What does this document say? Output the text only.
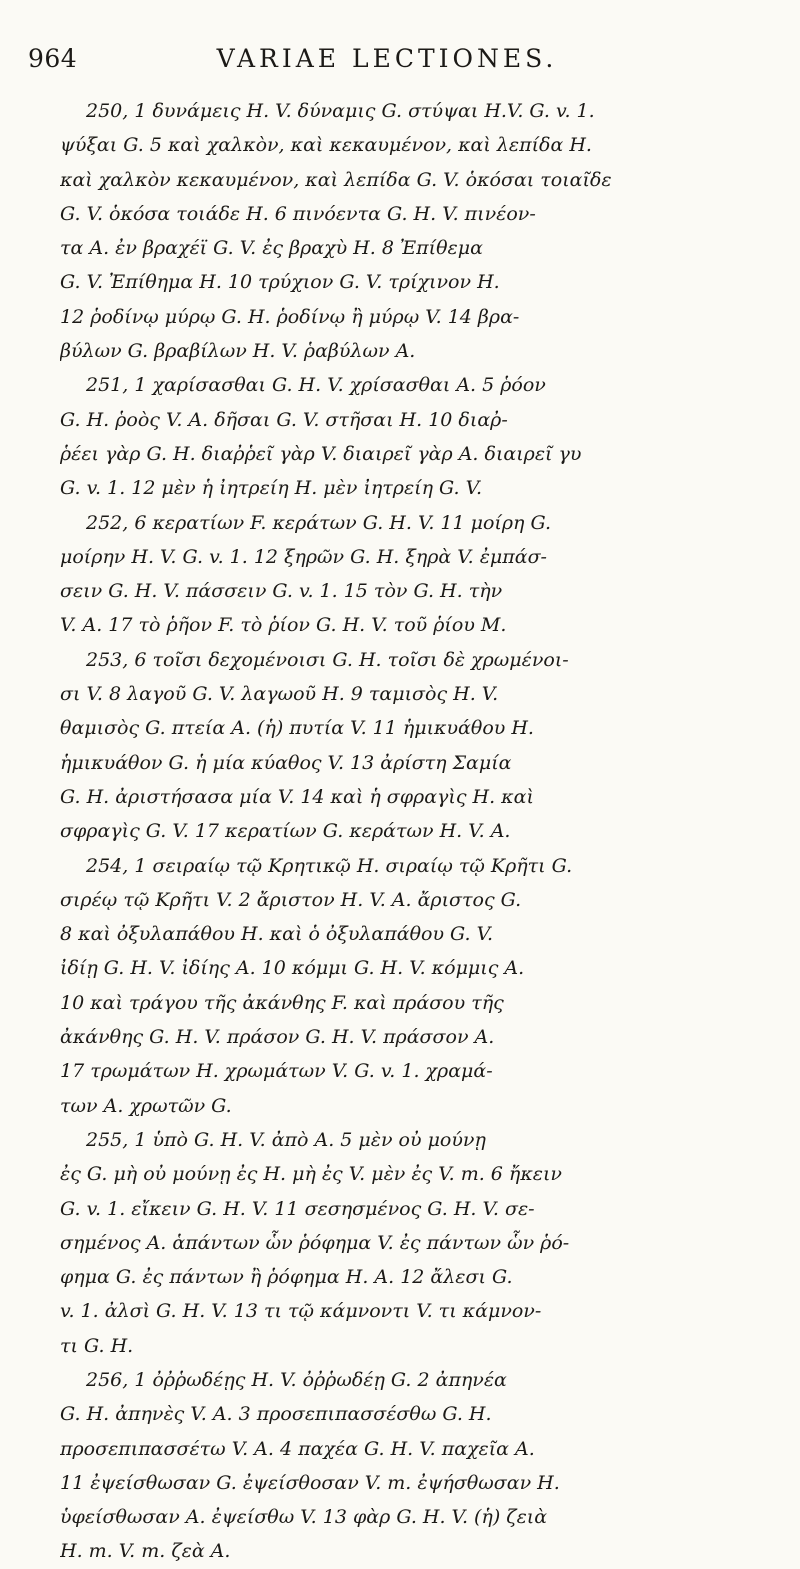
964	VARIAE LECTIONES.
250, 1 δυνάμεις H. V. δύναμις G. στύψαι H.V. G. v. 1.
ψύξαι G. 5 καὶ χαλκὸν, καὶ κεκαυμένον, καὶ λεπίδα H.
καὶ χαλκὸν κεκαυμένον, καὶ λεπίδα G. V. ὁκόσαι τοιαῖδε
G. V. ὁκόσα τοιάδε H. 6 πινόεντα G. H. V. πινέον-
τα A. ἐν βραχέϊ G. V. ἐς βραχὺ H. 8 Ἐπίθεμα
G. V. Ἐπίθημα H. 10 τρύχιον G. V. τρίχινον H.
12 ῥοδίνῳ μύρῳ G. H. ῥοδίνῳ ἢ μύρῳ V. 14 βρα-
βύλων G. βραβίλων H. V. ῥαβύλων A.
251, 1 χαρίσασθαι G. H. V. χρίσασθαι A. 5 ῥόον
G. H. ῥοὸς V. A. δῆσαι G. V. στῆσαι H. 10 διαῤ-
ῥέει γὰρ G. H. διαῤῥεῖ γὰρ V. διαιρεῖ γὰρ A. διαιρεῖ γυ
G. v. 1. 12 μὲν ἡ ἰητρείη H. μὲν ἰητρείη G. V.
252, 6 κερατίων F. κεράτων G. H. V. 11 μοίρη G.
μοίρην H. V. G. v. 1. 12 ξηρῶν G. H. ξηρὰ V. ἐμπάσ-
σειν G. H. V. πάσσειν G. v. 1. 15 τὸν G. H. τὴν
V. A. 17 τὸ ῥῆον F. τὸ ῥίον G. H. V. τοῦ ῥίου M.
253, 6 τοῖσι δεχομένοισι G. H. τοῖσι δὲ χρωμένοι-
σι V. 8 λαγοῦ G. V. λαγωοῦ H. 9 ταμισὸς H. V.
θαμισὸς G. πτεία A. (ἡ) πυτία V. 11 ἡμικυάθου H.
ἡμικυάθον G. ἡ μία κύαθος V. 13 ἀρίστη Σαμία
G. H. ἀριστήσασα μία V. 14 καὶ ἡ σφραγὶς H. καὶ
σφραγὶς G. V. 17 κερατίων G. κεράτων H. V. A.
254, 1 σειραίῳ τῷ Κρητικῷ H. σιραίῳ τῷ Κρῆτι G.
σιρέῳ τῷ Κρῆτι V. 2 ἄριστον H. V. A. ἄριστος G.
8 καὶ ὀξυλαπάθου H. καὶ ὁ ὀξυλαπάθου G. V.
ἰδίῃ G. H. V. ἰδίης A. 10 κόμμι G. H. V. κόμμις A.
10 καὶ τράγου τῆς ἀκάνθης F. καὶ πράσου τῆς
ἀκάνθης G. H. V. πράσον G. H. V. πράσσον A.
17 τρωμάτων H. χρωμάτων V. G. v. 1. χραμά-
των A. χρωτῶν G.
255, 1 ὑπὸ G. H. V. ἀπὸ A. 5 μὲν οὐ μούνῃ
ἐς G. μὴ οὐ μούνῃ ἐς H. μὴ ἐς V. μὲν ἐς V. m. 6 ἤκειν
G. v. 1. εἴκειν G. H. V. 11 σεσησμένος G. H. V. σε-
σημένος A. ἁπάντων ὧν ῥόφημα V. ἐς πάντων ὧν ῥό-
φημα G. ἐς πάντων ἢ ῥόφημα H. A. 12 ἄλεσι G.
v. 1. ἀλσὶ G. H. V. 13 τι τῷ κάμνοντι V. τι κάμνον-
τι G. H.
256, 1 ὀῤῥωδέῃς H. V. ὀῤῥωδέῃ G. 2 ἀπηνέα
G. H. ἀπηνὲς V. A. 3 προσεπιπασσέσθω G. H.
προσεπιπασσέτω V. A. 4 παχέα G. H. V. παχεῖα A.
11 ἐψείσθωσαν G. ἐψείσθοσαν V. m. ἐψήσθωσαν H.
ὑφείσθωσαν A. ἐψείσθω V. 13 φὰρ G. H. V. (ἡ) ζειὰ
H. m. V. m. ζεὰ A.
